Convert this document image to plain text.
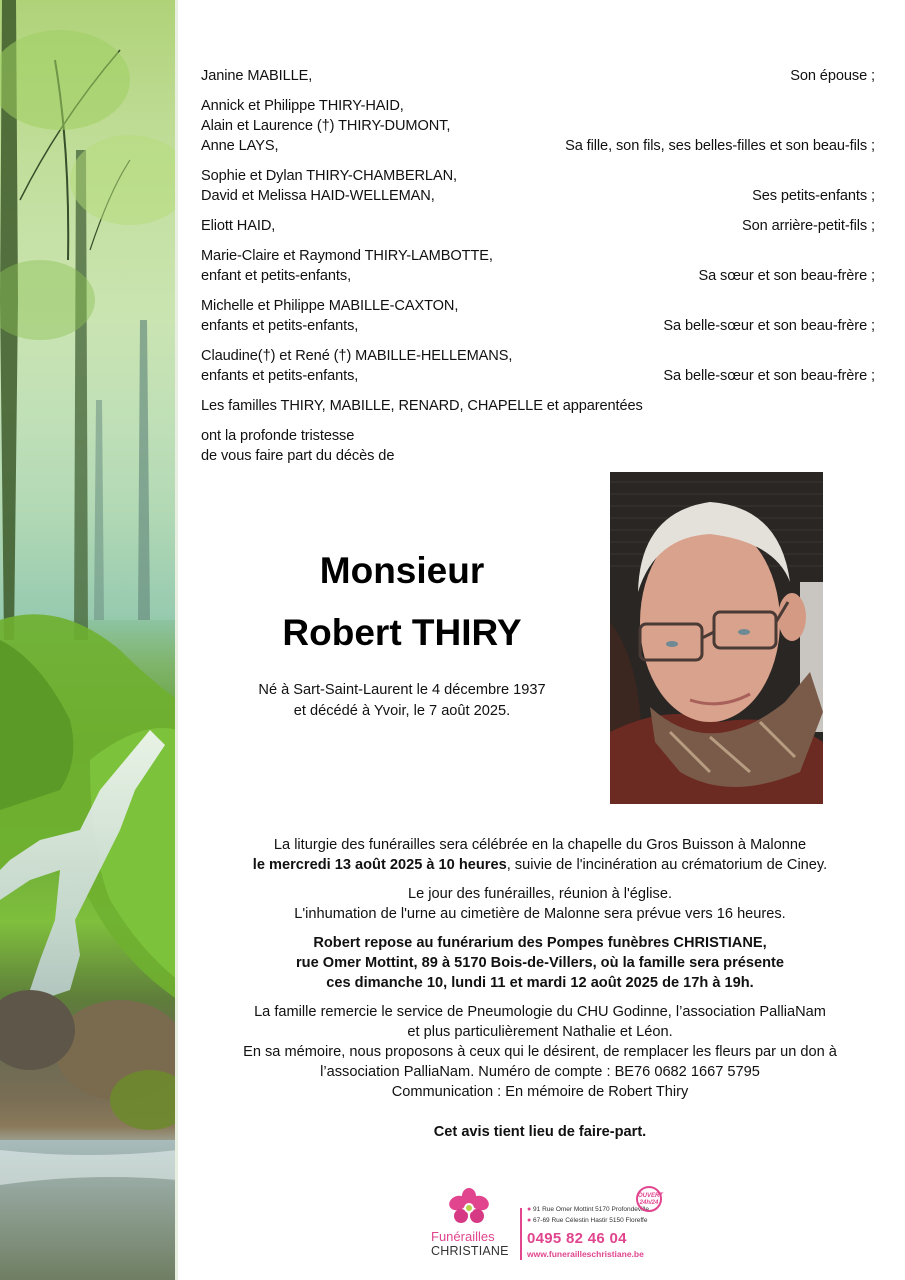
Janine MABILLE,	Son épouse ;
Annick et Philippe THIRY-HAID,
Alain et Laurence (†) THIRY-DUMONT,
Anne LAYS,	Sa fille, son fils, ses belles-filles et son beau-fils ;
Sophie et Dylan THIRY-CHAMBERLAN,
David et Melissa HAID-WELLEMAN,	Ses petits-enfants ;
Eliott HAID,	Son arrière-petit-fils ;
Marie-Claire et Raymond THIRY-LAMBOTTE,
enfant et petits-enfants,	Sa sœur et son beau-frère ;
Michelle et Philippe MABILLE-CAXTON,
enfants et petits-enfants,	Sa belle-sœur et son beau-frère ;
Claudine(†) et René (†) MABILLE-HELLEMANS,
enfants et petits-enfants,	Sa belle-sœur et son beau-frère ;
Les familles THIRY, MABILLE, RENARD, CHAPELLE et apparentées
ont la profonde tristesse
de vous faire part du décès de
Monsieur
Robert THIRY
Né à Sart-Saint-Laurent le 4 décembre 1937
et décédé à Yvoir, le 7 août 2025.

La liturgie des funérailles sera célébrée en la chapelle du Gros Buisson à Malonne
le mercredi 13 août 2025 à 10 heures, suivie de l'incinération au crématorium de Ciney.

Le jour des funérailles, réunion à l'église.
L'inhumation de l'urne au cimetière de Malonne sera prévue vers 16 heures.

Robert repose au funérarium des Pompes funèbres CHRISTIANE,
rue Omer Mottint, 89 à 5170 Bois-de-Villers, où la famille sera présente
ces dimanche 10, lundi 11 et mardi 12 août 2025 de 17h à 19h.

La famille remercie le service de Pneumologie du CHU Godinne, l’association PalliaNam
et plus particulièrement Nathalie et Léon.
En sa mémoire, nous proposons à ceux qui le désirent, de remplacer les fleurs par un don à
l’association PalliaNam. Numéro de compte : BE76 0682 1667 5795
Communication : En mémoire de Robert Thiry

Cet avis tient lieu de faire-part.

Funérailles
CHRISTIANE
● 91 Rue Omer Mottint 5170 Profondeville
● 67-69 Rue Célestin Hastir 5150 Floreffe
0495 82 46 04
www.funerailleschristiane.be
OUVERT
24h/24
